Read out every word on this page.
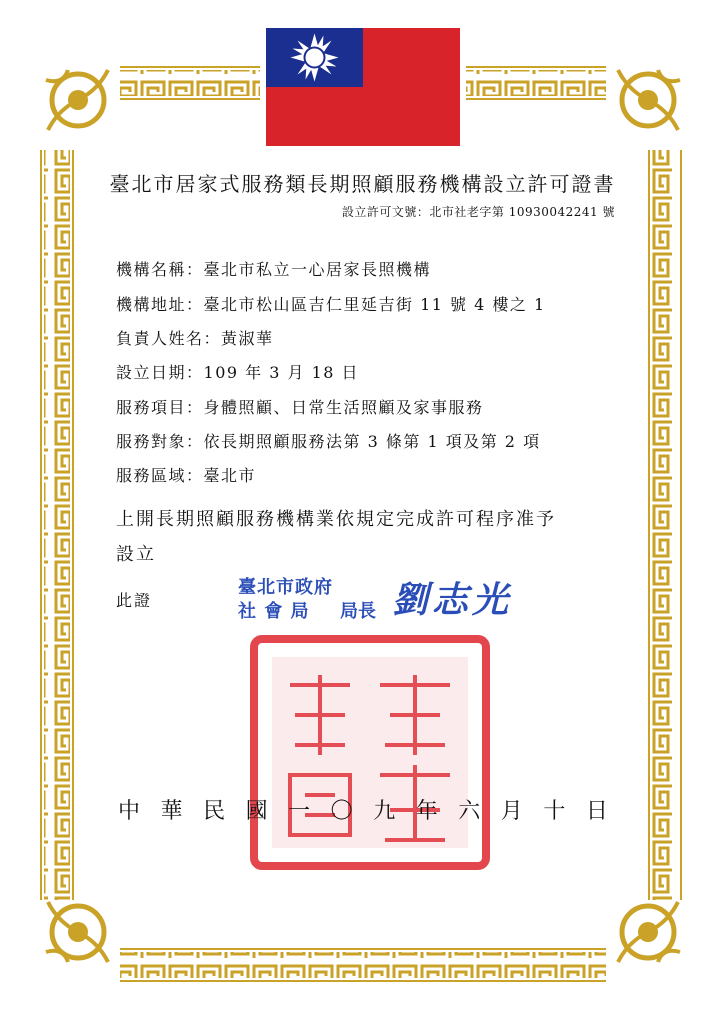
臺北市居家式服務類長期照顧服務機構設立許可證書
設立許可文號：北市社老字第 10930042241 號
機構名稱：臺北市私立一心居家長照機構
機構地址：臺北市松山區吉仁里延吉街 11 號 4 樓之 1
負責人姓名：黃淑華
設立日期：109 年 3 月 18 日
服務項目：身體照顧、日常生活照顧及家事服務
服務對象：依長期照顧服務法第 3 條第 1 項及第 2 項
服務區域：臺北市
上開長期照顧服務機構業依規定完成許可程序准予
設立
此證
臺北市政府
社 會 局 局長 劉志光
中 華 民 國 一 〇 九 年 六 月 十 日
